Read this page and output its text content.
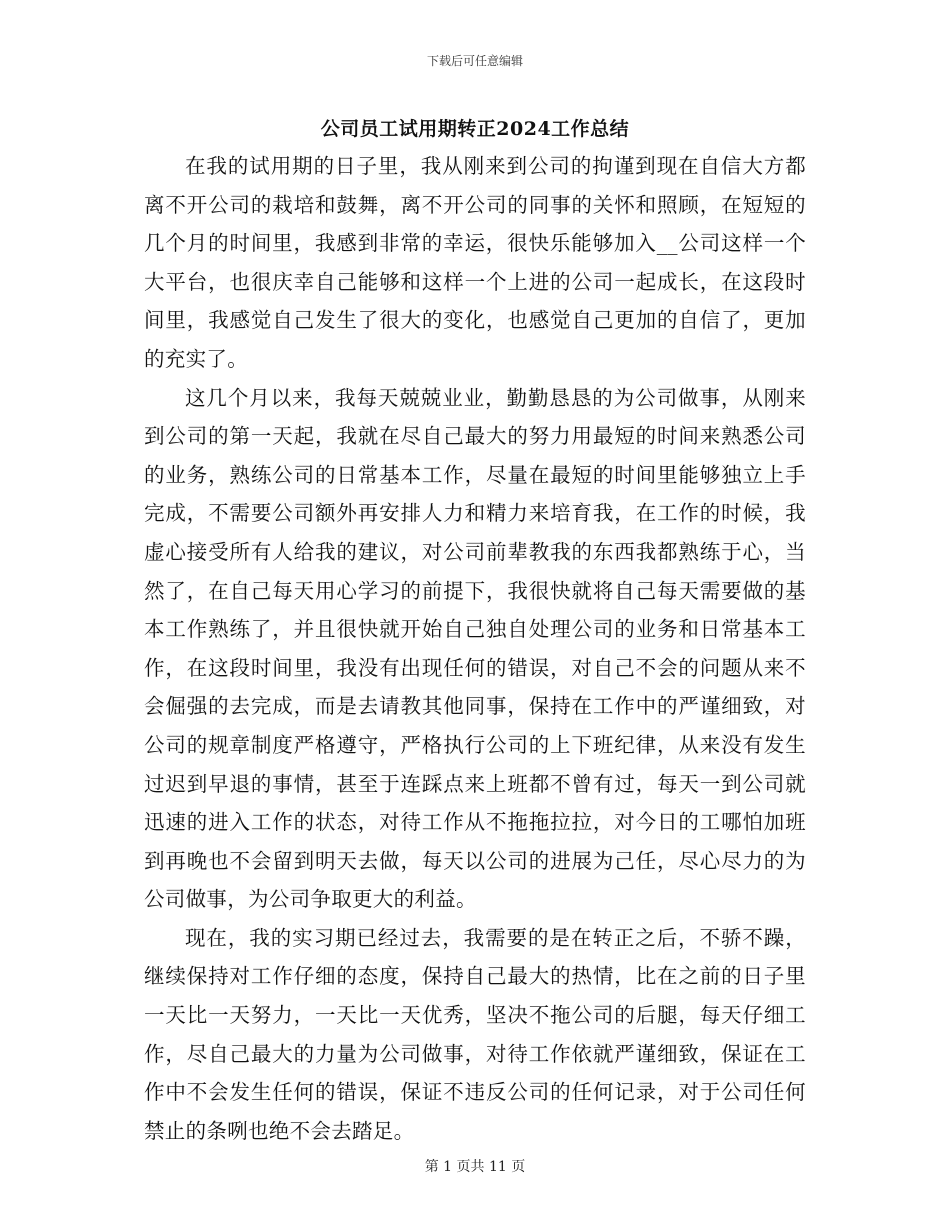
下载后可任意编辑
公司员工试用期转正2024工作总结

在我的试用期的日子里，我从刚来到公司的拘谨到现在自信大方都离不开公司的栽培和鼓舞，离不开公司的同事的关怀和照顾，在短短的几个月的时间里，我感到非常的幸运，很快乐能够加入__公司这样一个大平台，也很庆幸自己能够和这样一个上进的公司一起成长，在这段时间里，我感觉自己发生了很大的变化，也感觉自己更加的自信了，更加的充实了。

这几个月以来，我每天兢兢业业，勤勤恳恳的为公司做事，从刚来到公司的第一天起，我就在尽自己最大的努力用最短的时间来熟悉公司的业务，熟练公司的日常基本工作，尽量在最短的时间里能够独立上手完成，不需要公司额外再安排人力和精力来培育我，在工作的时候，我虚心接受所有人给我的建议，对公司前辈教我的东西我都熟练于心，当然了，在自己每天用心学习的前提下，我很快就将自己每天需要做的基本工作熟练了，并且很快就开始自己独自处理公司的业务和日常基本工作，在这段时间里，我没有出现任何的错误，对自己不会的问题从来不会倔强的去完成，而是去请教其他同事，保持在工作中的严谨细致，对公司的规章制度严格遵守，严格执行公司的上下班纪律，从来没有发生过迟到早退的事情，甚至于连踩点来上班都不曾有过，每天一到公司就迅速的进入工作的状态，对待工作从不拖拖拉拉，对今日的工哪怕加班到再晚也不会留到明天去做，每天以公司的进展为己任，尽心尽力的为公司做事，为公司争取更大的利益。

现在，我的实习期已经过去，我需要的是在转正之后，不骄不躁，继续保持对工作仔细的态度，保持自己最大的热情，比在之前的日子里一天比一天努力，一天比一天优秀，坚决不拖公司的后腿，每天仔细工作，尽自己最大的力量为公司做事，对待工作依就严谨细致，保证在工作中不会发生任何的错误，保证不违反公司的任何记录，对于公司任何禁止的条咧也绝不会去踏足。

第 1 页共 11 页
